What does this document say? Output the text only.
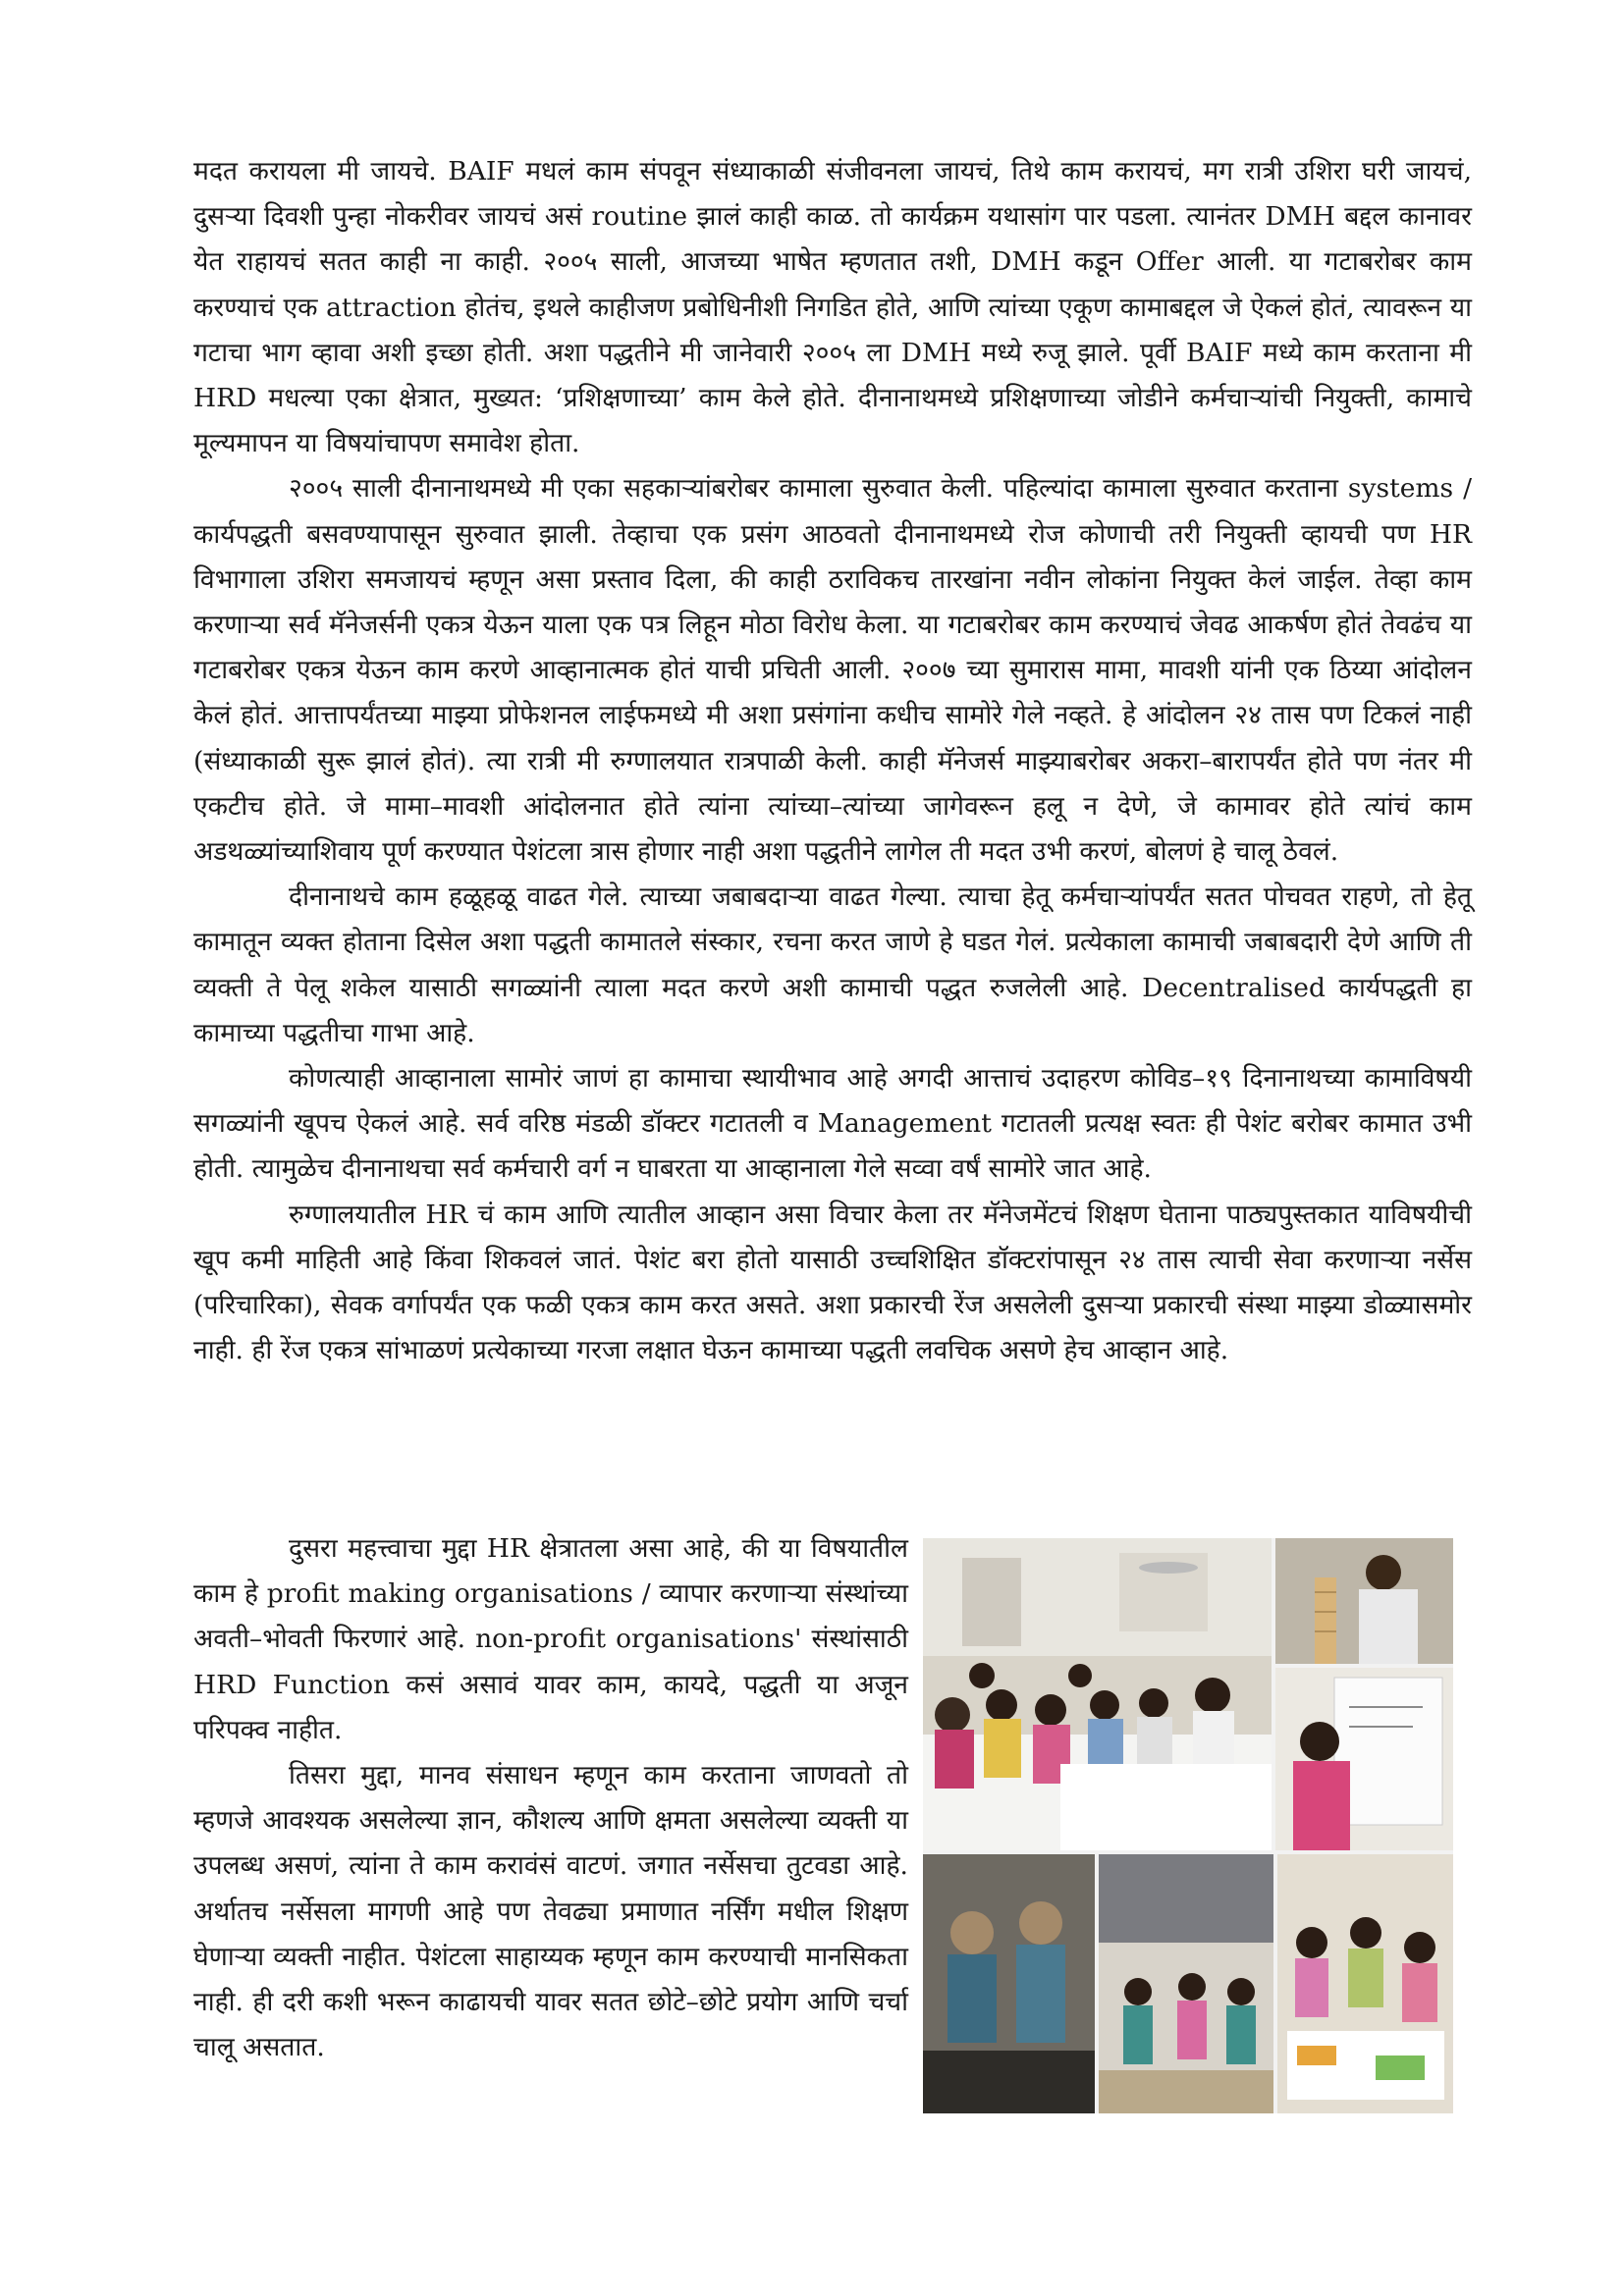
मदत करायला मी जायचे. BAIF मधलं काम संपवून संध्याकाळी संजीवनला जायचं, तिथे काम करायचं, मग रात्री उशिरा घरी जायचं, दुसऱ्या दिवशी पुन्हा नोकरीवर जायचं असं routine झालं काही काळ. तो कार्यक्रम यथासांग पार पडला. त्यानंतर DMH बद्दल कानावर येत राहायचं सतत काही ना काही. २००५ साली, आजच्या भाषेत म्हणतात तशी, DMH कडून Offer आली. या गटाबरोबर काम करण्याचं एक attraction होतंच, इथले काहीजण प्रबोधिनीशी निगडित होते, आणि त्यांच्या एकूण कामाबद्दल जे ऐकलं होतं, त्यावरून या गटाचा भाग व्हावा अशी इच्छा होती. अशा पद्धतीने मी जानेवारी २००५ ला DMH मध्ये रुजू झाले. पूर्वी BAIF मध्ये काम करताना मी HRD मधल्या एका क्षेत्रात, मुख्यत: ‘प्रशिक्षणाच्या’ काम केले होते. दीनानाथमध्ये प्रशिक्षणाच्या जोडीने कर्मचाऱ्यांची नियुक्ती, कामाचे मूल्यमापन या विषयांचापण समावेश होता.

२००५ साली दीनानाथमध्ये मी एका सहकाऱ्यांबरोबर कामाला सुरुवात केली. पहिल्यांदा कामाला सुरुवात करताना systems / कार्यपद्धती बसवण्यापासून सुरुवात झाली. तेव्हाचा एक प्रसंग आठवतो दीनानाथमध्ये रोज कोणाची तरी नियुक्ती व्हायची पण HR विभागाला उशिरा समजायचं म्हणून असा प्रस्ताव दिला, की काही ठराविकच तारखांना नवीन लोकांना नियुक्त केलं जाईल. तेव्हा काम करणाऱ्या सर्व मॅनेजर्सनी एकत्र येऊन याला एक पत्र लिहून मोठा विरोध केला. या गटाबरोबर काम करण्याचं जेवढ आकर्षण होतं तेवढंच या गटाबरोबर एकत्र येऊन काम करणे आव्हानात्मक होतं याची प्रचिती आली. २००७ च्या सुमारास मामा, मावशी यांनी एक ठिय्या आंदोलन केलं होतं. आत्तापर्यंतच्या माझ्या प्रोफेशनल लाईफमध्ये मी अशा प्रसंगांना कधीच सामोरे गेले नव्हते. हे आंदोलन २४ तास पण टिकलं नाही (संध्याकाळी सुरू झालं होतं). त्या रात्री मी रुग्णालयात रात्रपाळी केली. काही मॅनेजर्स माझ्याबरोबर अकरा–बारापर्यंत होते पण नंतर मी एकटीच होते. जे मामा–मावशी आंदोलनात होते त्यांना त्यांच्या–त्यांच्या जागेवरून हलू न देणे, जे कामावर होते त्यांचं काम अडथळ्यांच्याशिवाय पूर्ण करण्यात पेशंटला त्रास होणार नाही अशा पद्धतीने लागेल ती मदत उभी करणं, बोलणं हे चालू ठेवलं.

दीनानाथचे काम हळूहळू वाढत गेले. त्याच्या जबाबदाऱ्या वाढत गेल्या. त्याचा हेतू कर्मचाऱ्यांपर्यंत सतत पोचवत राहणे, तो हेतू कामातून व्यक्त होताना दिसेल अशा पद्धती कामातले संस्कार, रचना करत जाणे हे घडत गेलं. प्रत्येकाला कामाची जबाबदारी देणे आणि ती व्यक्ती ते पेलू शकेल यासाठी सगळ्यांनी त्याला मदत करणे अशी कामाची पद्धत रुजलेली आहे. Decentralised कार्यपद्धती हा कामाच्या पद्धतीचा गाभा आहे.

कोणत्याही आव्हानाला सामोरं जाणं हा कामाचा स्थायीभाव आहे अगदी आत्ताचं उदाहरण कोविड–१९ दिनानाथच्या कामाविषयी सगळ्यांनी खूपच ऐकलं आहे. सर्व वरिष्ठ मंडळी डॉक्टर गटातली व Management गटातली प्रत्यक्ष स्वतः ही पेशंट बरोबर कामात उभी होती. त्यामुळेच दीनानाथचा सर्व कर्मचारी वर्ग न घाबरता या आव्हानाला गेले सव्वा वर्षं सामोरे जात आहे.

रुग्णालयातील HR चं काम आणि त्यातील आव्हान असा विचार केला तर मॅनेजमेंटचं शिक्षण घेताना पाठ्यपुस्तकात याविषयीची खूप कमी माहिती आहे किंवा शिकवलं जातं. पेशंट बरा होतो यासाठी उच्चशिक्षित डॉक्टरांपासून २४ तास त्याची सेवा करणाऱ्या नर्सेस (परिचारिका), सेवक वर्गापर्यंत एक फळी एकत्र काम करत असते. अशा प्रकारची रेंज असलेली दुसऱ्या प्रकारची संस्था माझ्या डोळ्यासमोर नाही. ही रेंज एकत्र सांभाळणं प्रत्येकाच्या गरजा लक्षात घेऊन कामाच्या पद्धती लवचिक असणे हेच आव्हान आहे.

दुसरा महत्त्वाचा मुद्दा HR क्षेत्रातला असा आहे, की या विषयातील काम हे profit making organisations / व्यापार करणाऱ्या संस्थांच्या अवती–भोवती फिरणारं आहे. non-profit organisations' संस्थांसाठी HRD Function कसं असावं यावर काम, कायदे, पद्धती या अजून परिपक्व नाहीत.

तिसरा मुद्दा, मानव संसाधन म्हणून काम करताना जाणवतो तो म्हणजे आवश्यक असलेल्या ज्ञान, कौशल्य आणि क्षमता असलेल्या व्यक्ती या उपलब्ध असणं, त्यांना ते काम करावंसं वाटणं. जगात नर्सेसचा तुटवडा आहे. अर्थातच नर्सेसला मागणी आहे पण तेवढ्या प्रमाणात नर्सिंग मधील शिक्षण घेणाऱ्या व्यक्ती नाहीत. पेशंटला साहाय्यक म्हणून काम करण्याची मानसिकता नाही. ही दरी कशी भरून काढायची यावर सतत छोटे–छोटे प्रयोग आणि चर्चा चालू असतात.
